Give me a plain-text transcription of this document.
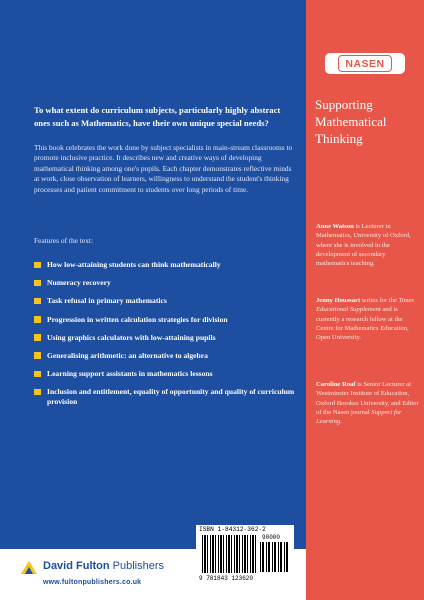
To what extent do curriculum subjects, particularly highly abstract ones such as Mathematics, have their own unique special needs?

This book celebrates the work done by subject specialists in main-stream classrooms to promote inclusive practice. It describes new and creative ways of developing mathematical thinking among one's pupils. Each chapter demonstrates reflective minds at work, close observation of learners, willingness to understand the student's thinking processes and patient commitment to students over long periods of time.

Features of the text:

How low-attaining students can think mathematically
Numeracy recovery
Task refusal in primary mathematics
Progression in written calculation strategies for division
Using graphics calculators with low-attaining pupils
Generalising arithmetic: an alternative to algebra
Learning support assistants in mathematics lessons
Inclusion and entitlement, equality of opportunity and quality of curriculum provision
NASEN
Supporting Mathematical Thinking

Anne Watson is Lecturer in Mathematics, University of Oxford, where she is involved in the development of secondary mathematics teaching.

Jenny Houssart writes for the Times Educational Supplement and is currently a research fellow at the Centre for Mathematics Education, Open University.

Caroline Roaf is Senior Lecturer at Westminster Institute of Education, Oxford Brookes University, and Editor of the Nasen journal Support for Learning.

ISBN 1-84312-362-2
90000
9 781843 123620
David Fulton Publishers
www.fultonpublishers.co.uk
